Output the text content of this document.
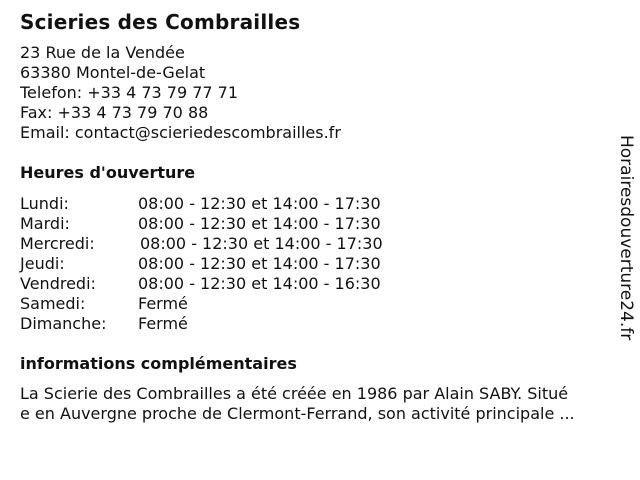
Scieries des Combrailles
23 Rue de la Vendée
63380 Montel-de-Gelat
Telefon: +33 4 73 79 77 71
Fax: +33 4 73 79 70 88
Email: contact@scieriedescombrailles.fr
Heures d'ouverture
Lundi:	08:00 - 12:30 et 14:00 - 17:30
Mardi:	08:00 - 12:30 et 14:00 - 17:30
Mercredi:	08:00 - 12:30 et 14:00 - 17:30
Jeudi:	08:00 - 12:30 et 14:00 - 17:30
Vendredi:	08:00 - 12:30 et 14:00 - 16:30
Samedi:	Fermé
Dimanche: Fermé
informations complémentaires
La Scierie des Combrailles a été créée en 1986 par Alain SABY. Situé
e en Auvergne proche de Clermont-Ferrand, son activité principale ...
Horairesdouverture24.fr
